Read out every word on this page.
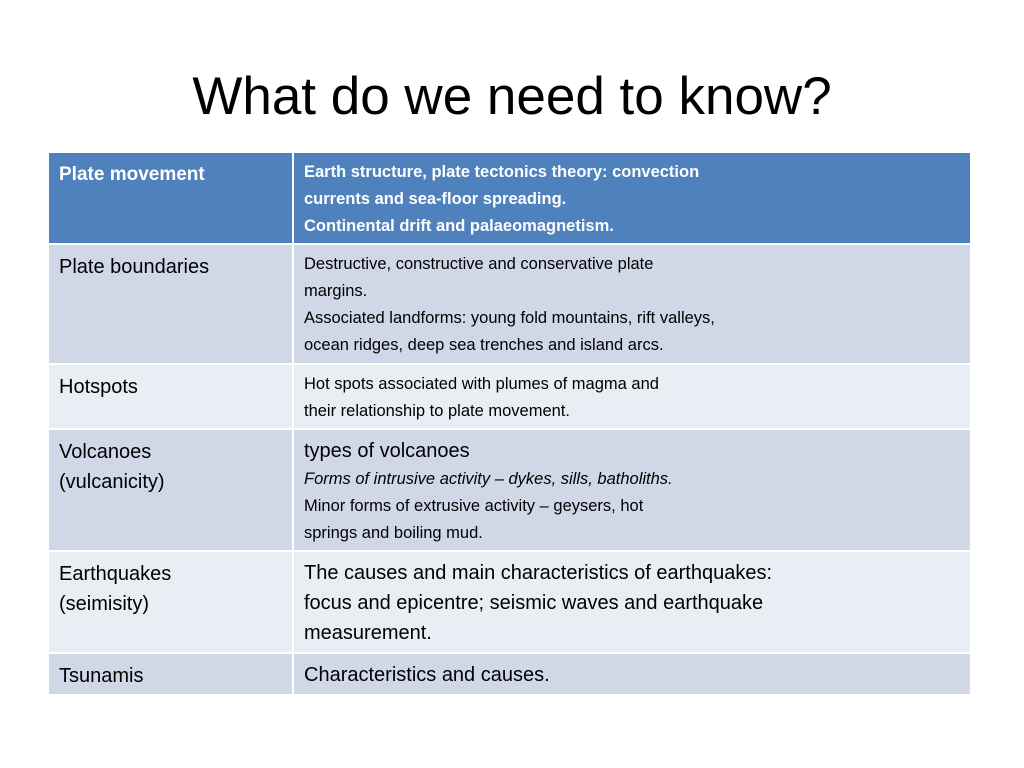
What do we need to know?
Plate movement	Earth structure, plate tectonics theory: convection
currents and sea-floor spreading.
Continental drift and palaeomagnetism.

Plate boundaries	Destructive, constructive and conservative plate
margins.
Associated landforms: young fold mountains, rift valleys,
ocean ridges, deep sea trenches and island arcs.

Hotspots	Hot spots associated with plumes of magma and
their relationship to plate movement.

Volcanoes
(vulcanicity)	types of volcanoes
Forms of intrusive activity – dykes, sills, batholiths.
Minor forms of extrusive activity – geysers, hot
springs and boiling mud.

Earthquakes
(seimisity)	The causes and main characteristics of earthquakes:
focus and epicentre; seismic waves and earthquake
measurement.

Tsunamis	Characteristics and causes.
